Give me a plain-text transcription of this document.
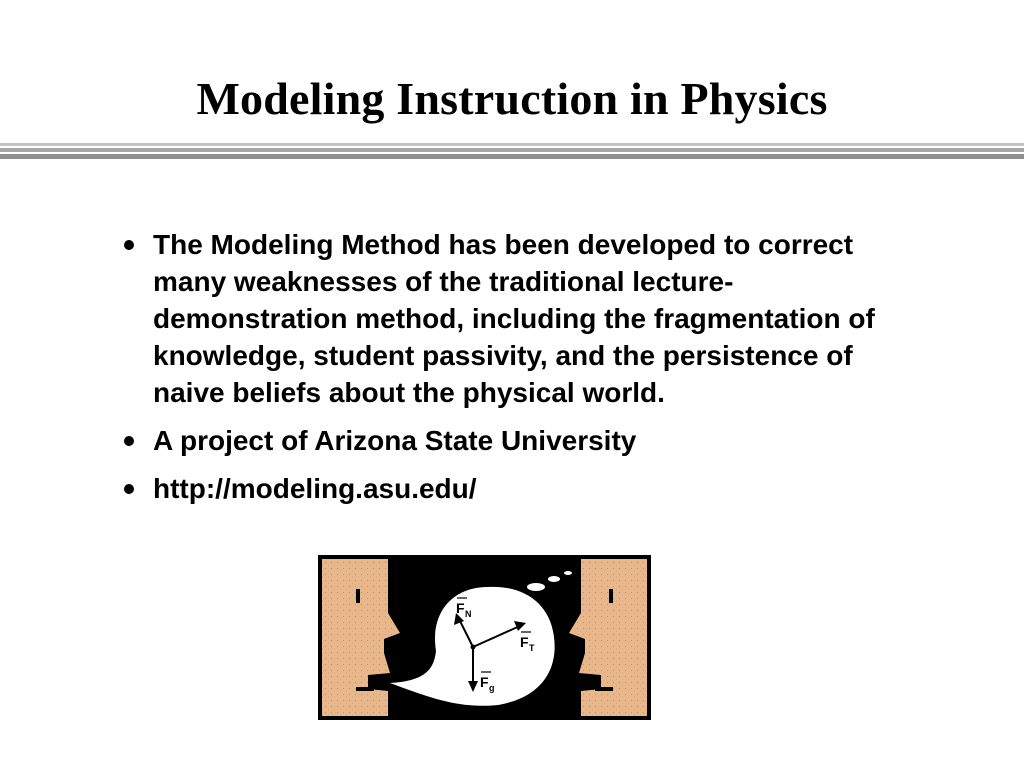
Modeling Instruction in Physics
The Modeling Method has been developed to correct many weaknesses of the traditional lecture-demonstration method, including the fragmentation of knowledge, student passivity, and the persistence of naive beliefs about the physical world.
A project of Arizona State University
http://modeling.asu.edu/
F N
F T
F g
